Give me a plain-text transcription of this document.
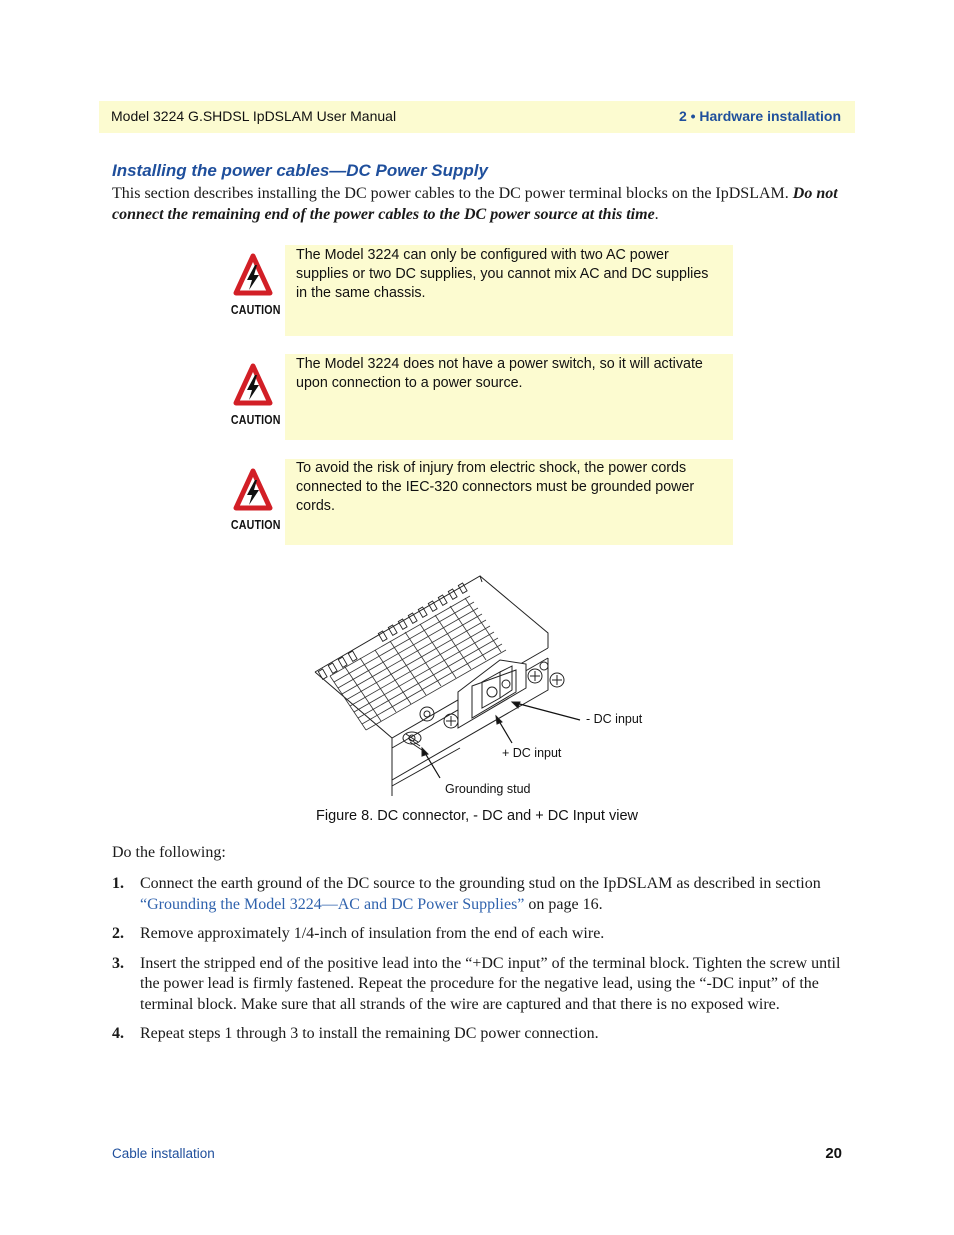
Model 3224 G.SHDSL IpDSLAM User Manual	2 • Hardware installation
Installing the power cables—DC Power Supply
This section describes installing the DC power cables to the DC power terminal blocks on the IpDSLAM. Do not connect the remaining end of the power cables to the DC power source at this time.
CAUTION
The Model 3224 can only be configured with two AC power supplies or two DC supplies, you cannot mix AC and DC supplies in the same chassis.
CAUTION
The Model 3224 does not have a power switch, so it will activate upon connection to a power source.
CAUTION
To avoid the risk of injury from electric shock, the power cords connected to the IEC-320 connectors must be grounded power cords.
- DC input
+ DC input
Grounding stud
Figure 8. DC connector, - DC and + DC Input view
Do the following:
1. Connect the earth ground of the DC source to the grounding stud on the IpDSLAM as described in section “Grounding the Model 3224—AC and DC Power Supplies” on page 16.
2. Remove approximately 1/4-inch of insulation from the end of each wire.
3. Insert the stripped end of the positive lead into the “+DC input” of the terminal block. Tighten the screw until the power lead is firmly fastened. Repeat the procedure for the negative lead, using the “-DC input” of the terminal block. Make sure that all strands of the wire are captured and that there is no exposed wire.
4. Repeat steps 1 through 3 to install the remaining DC power connection.
Cable installation	20
